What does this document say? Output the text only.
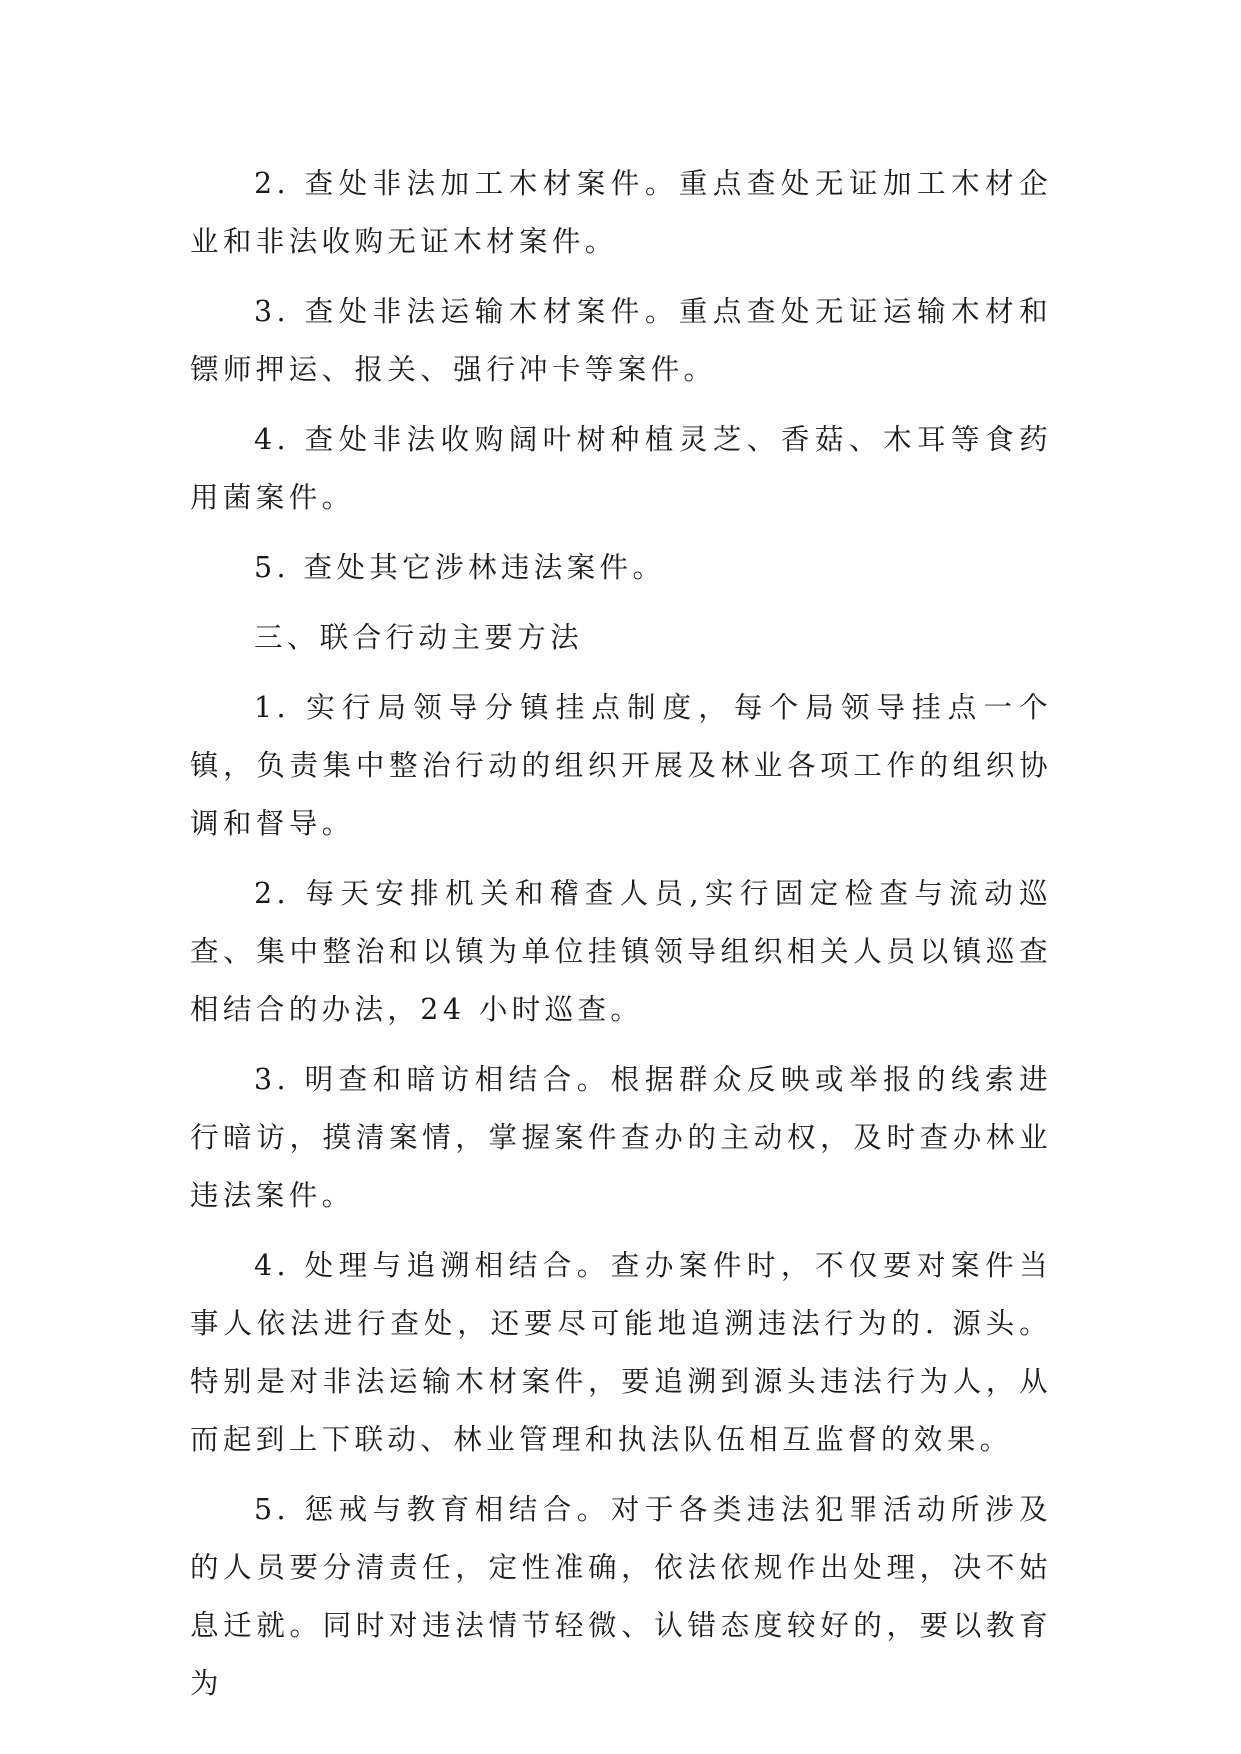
2. 查处非法加工木材案件。重点查处无证加工木材企业和非法收购无证木材案件。

3. 查处非法运输木材案件。重点查处无证运输木材和镖师押运、报关、强行冲卡等案件。

4. 查处非法收购阔叶树种植灵芝、香菇、木耳等食药用菌案件。

5. 查处其它涉林违法案件。

三、联合行动主要方法

1. 实行局领导分镇挂点制度，每个局领导挂点一个镇，负责集中整治行动的组织开展及林业各项工作的组织协调和督导。

2. 每天安排机关和稽查人员,实行固定检查与流动巡查、集中整治和以镇为单位挂镇领导组织相关人员以镇巡查相结合的办法，24 小时巡查。

3. 明查和暗访相结合。根据群众反映或举报的线索进行暗访，摸清案情，掌握案件查办的主动权，及时查办林业违法案件。

4. 处理与追溯相结合。查办案件时，不仅要对案件当事人依法进行查处，还要尽可能地追溯违法行为的. 源头。特别是对非法运输木材案件，要追溯到源头违法行为人，从而起到上下联动、林业管理和执法队伍相互监督的效果。

5. 惩戒与教育相结合。对于各类违法犯罪活动所涉及的人员要分清责任，定性准确，依法依规作出处理，决不姑息迁就。同时对违法情节轻微、认错态度较好的，要以教育为
